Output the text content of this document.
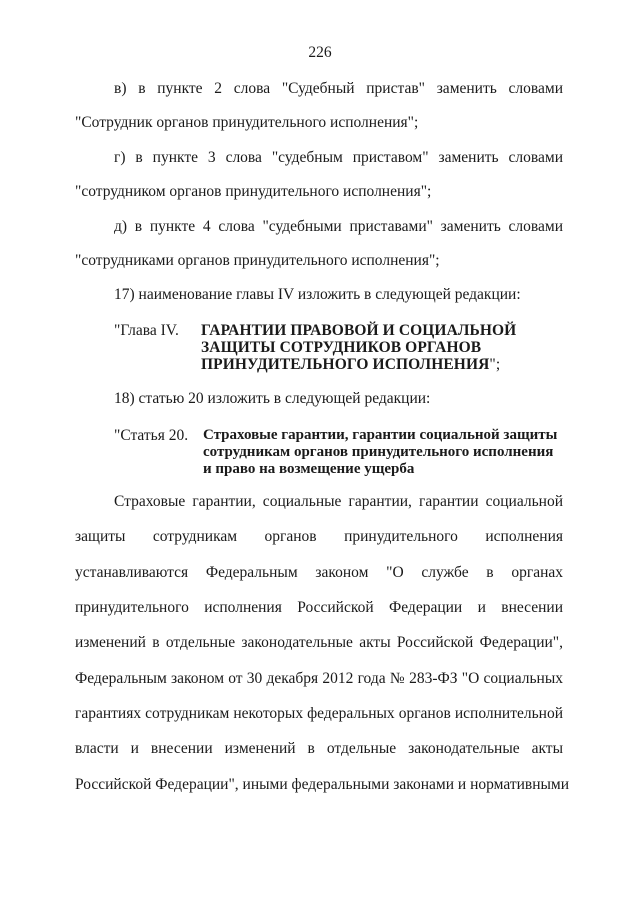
226
в) в пункте 2 слова "Судебный пристав" заменить словами
"Сотрудник органов принудительного исполнения";
г) в пункте 3 слова "судебным приставом" заменить словами
"сотрудником органов принудительного исполнения";
д) в пункте 4 слова "судебными приставами" заменить словами
"сотрудниками органов принудительного исполнения";
17) наименование главы IV изложить в следующей редакции:
"Глава IV. ГАРАНТИИ ПРАВОВОЙ И СОЦИАЛЬНОЙ
ЗАЩИТЫ СОТРУДНИКОВ ОРГАНОВ
ПРИНУДИТЕЛЬНОГО ИСПОЛНЕНИЯ";
18) статью 20 изложить в следующей редакции:
"Статья 20. Страховые гарантии, гарантии социальной защиты
сотрудникам органов принудительного исполнения
и право на возмещение ущерба
Страховые гарантии, социальные гарантии, гарантии социальной
защиты сотрудникам органов принудительного исполнения
устанавливаются Федеральным законом "О службе в органах
принудительного исполнения Российской Федерации и внесении
изменений в отдельные законодательные акты Российской Федерации",
Федеральным законом от 30 декабря 2012 года № 283-ФЗ "О социальных
гарантиях сотрудникам некоторых федеральных органов исполнительной
власти и внесении изменений в отдельные законодательные акты
Российской Федерации", иными федеральными законами и нормативными
